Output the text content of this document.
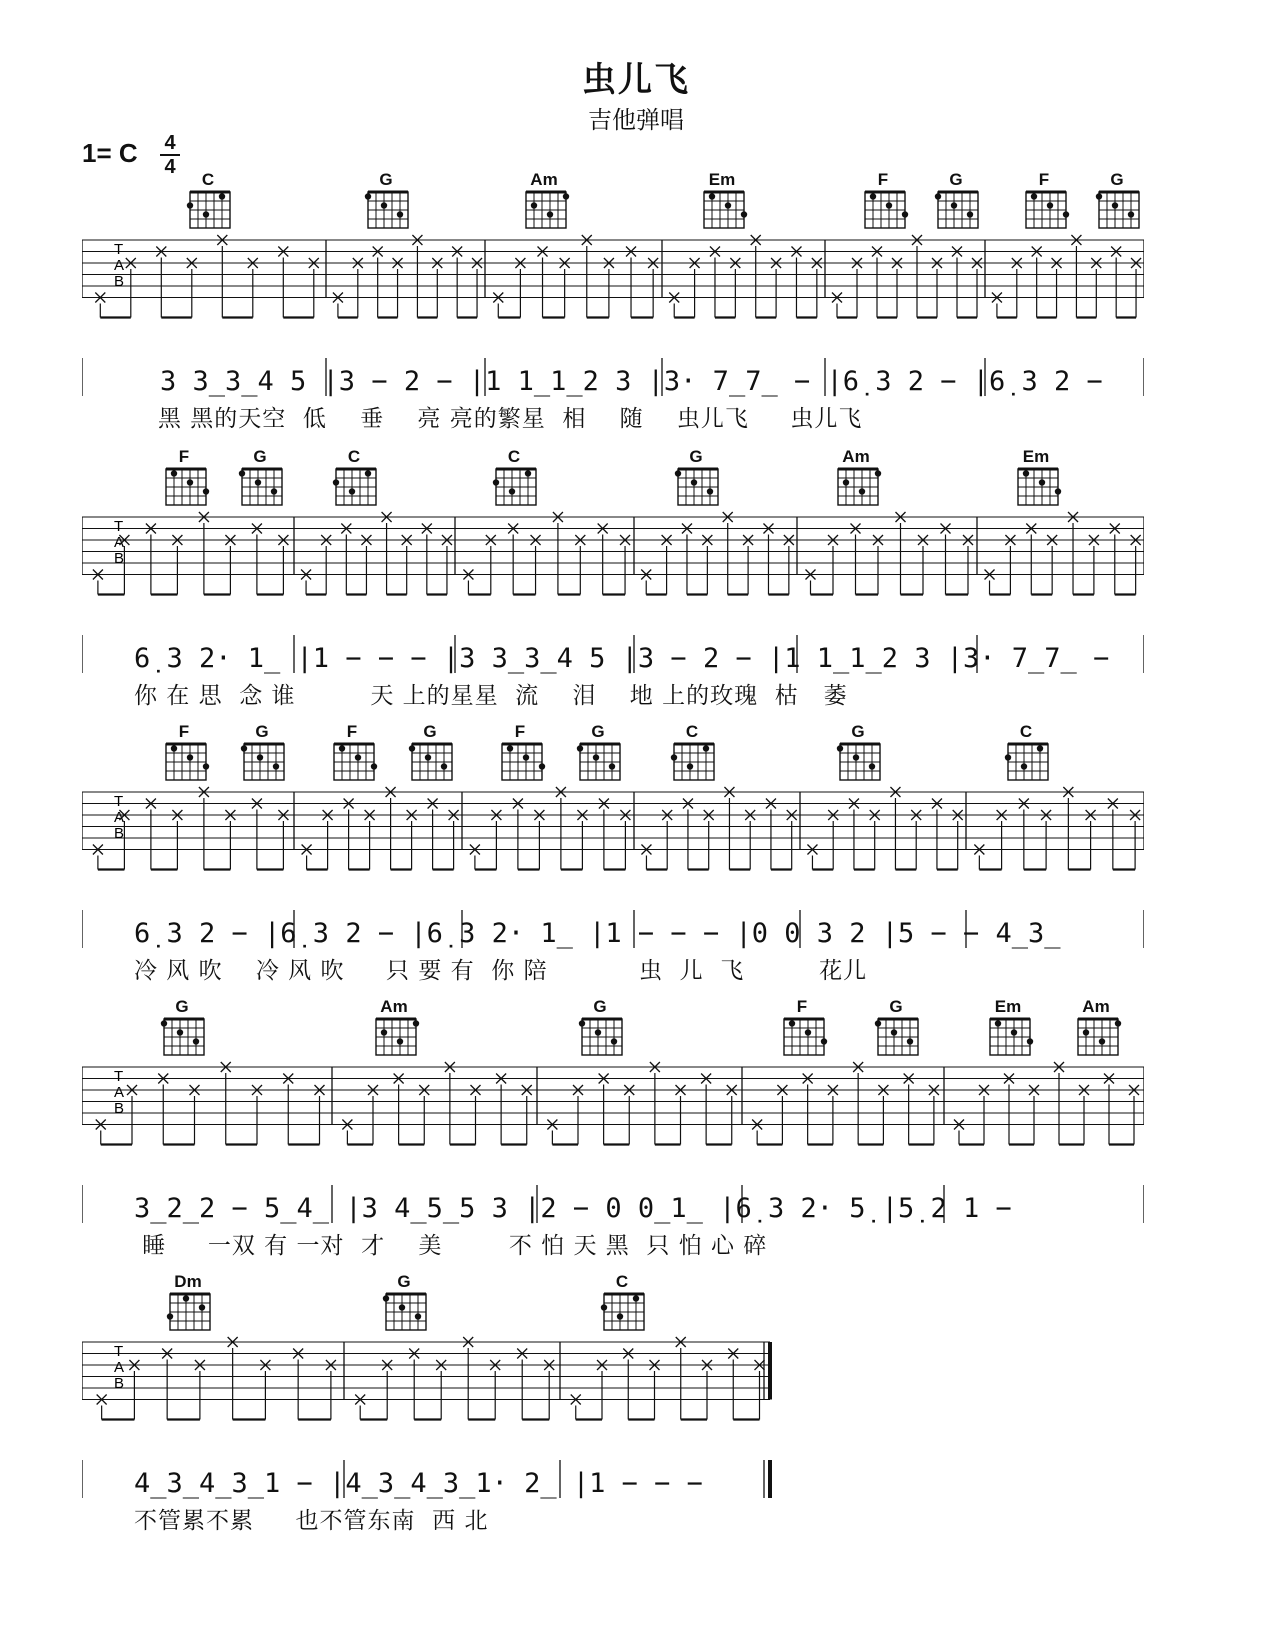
虫儿飞
吉他弹唱
1= C 4
4
C	G	Am	Em	F	G	F	G
T
A
B
3 3̲3̲4 5 |3 − 2 − |1 1̲1̲2 3 |3· 7̲7̲ − |6̣ 3 2 − |6̣ 3 2 −
黑 黑的天空  低    垂    亮 亮的繁星  相    随    虫儿飞     虫儿飞
F	G	C	C	G	Am	Em
T
A
B
6̣ 3 2· 1̲ |1 − − − |3 3̲3̲4 5 |3 − 2 − |1 1̲1̲2 3 |3· 7̲7̲ −
你 在 思  念 谁         天 上的星星  流    泪    地 上的玫瑰  枯   萎
F	G	F	G	F	G	C	G	C
T
A
B
6̣ 3 2 − |6̣ 3 2 − |6̣ 3 2· 1̲ |1 − − − |0 0 3 2 |5 − − 4̲3̲
冷 风 吹    冷 风 吹     只 要 有  你 陪           虫  儿  飞         花儿
G	Am	G	F	G	Em	Am
T
A
B
3̲2̲2 − 5̲4̲ |3 4̲5̲5 3 |2 − 0 0̲1̲ |6̣ 3 2· 5̣ |5̣ 2 1 −
睡     一双 有 一对  才    美        不 怕 天 黑  只 怕 心 碎
Dm	G	C
T
A
B
4̲3̲4̲3̲1 − |4̲3̲4̲3̲1· 2̲ |1 − − −
不管累不累     也不管东南  西 北
